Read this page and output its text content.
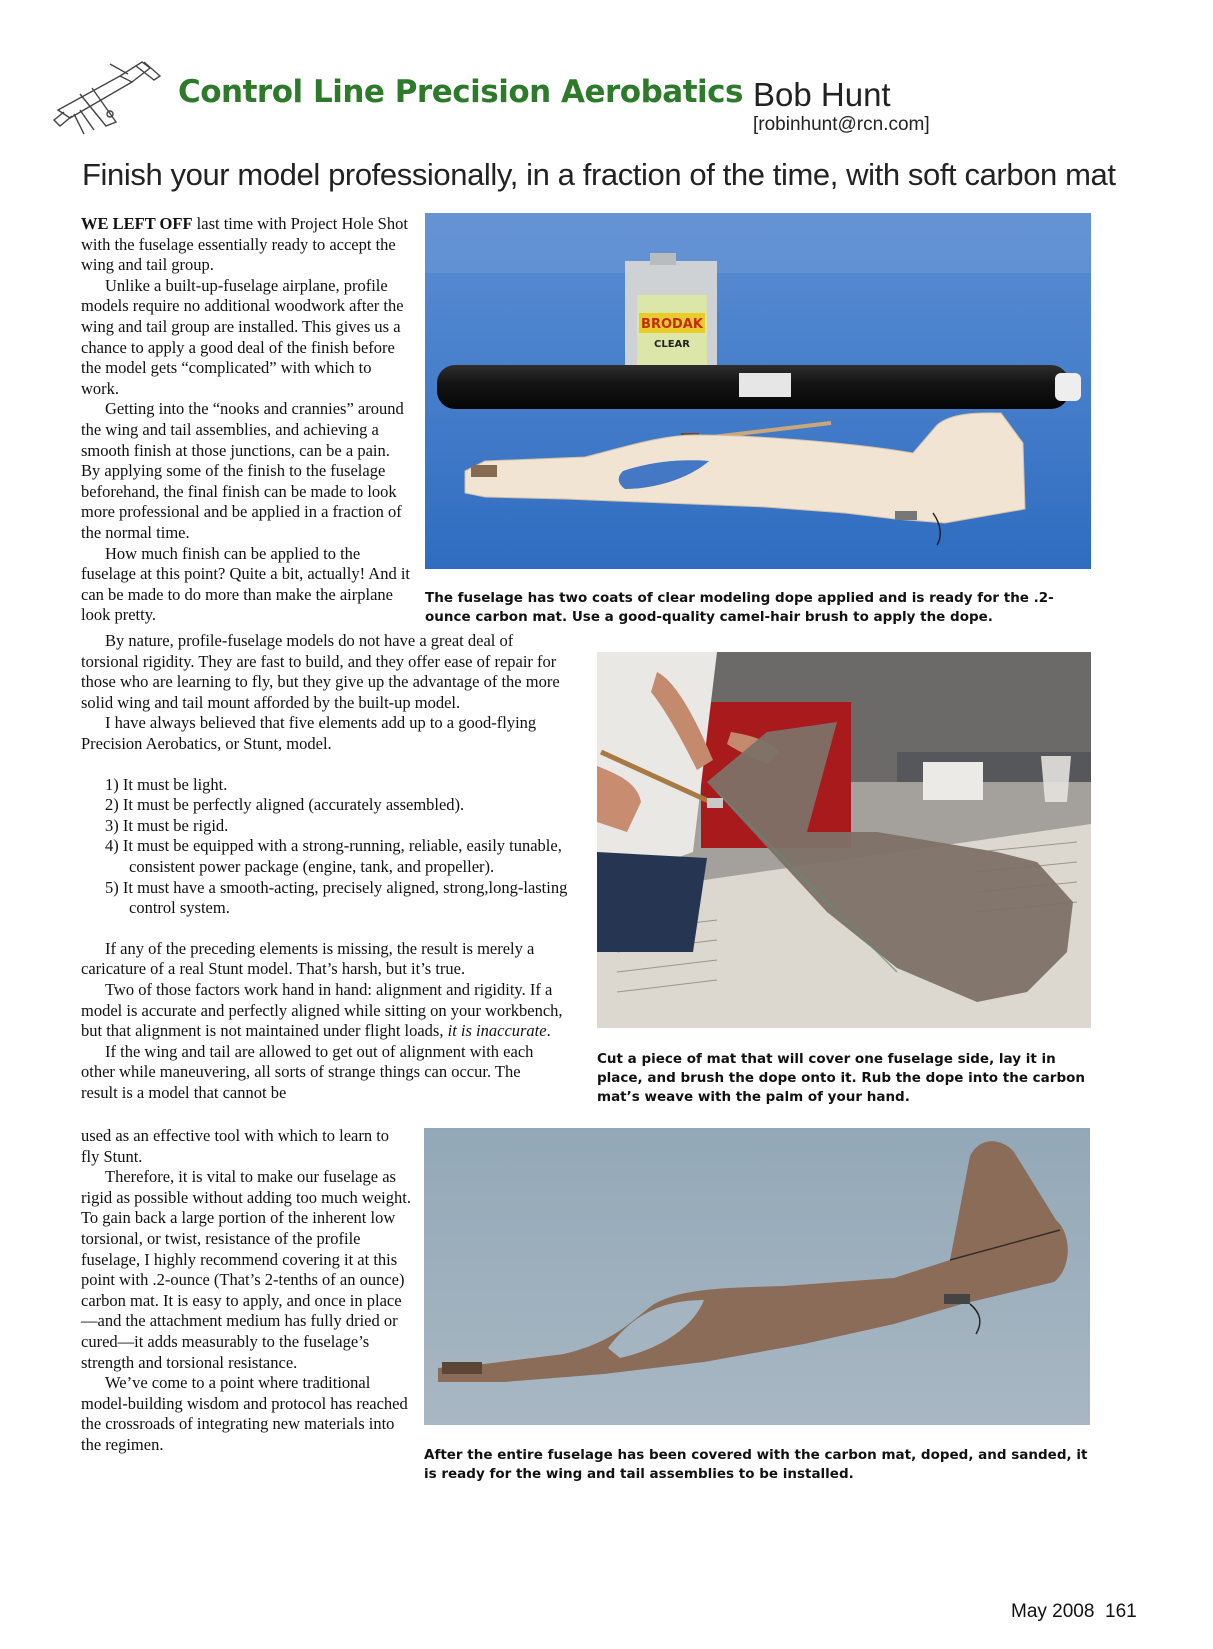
Control Line Precision Aerobatics Bob Hunt
[robinhunt@rcn.com]
Finish your model professionally, in a fraction of the time, with soft carbon mat
BRODAK
CLEAR
The fuselage has two coats of clear modeling dope applied and is ready for the .2-ounce carbon mat. Use a good-quality camel-hair brush to apply the dope.
Cut a piece of mat that will cover one fuselage side, lay it in place, and brush the dope onto it. Rub the dope into the carbon mat’s weave with the palm of your hand.
After the entire fuselage has been covered with the carbon mat, doped, and sanded, it is ready for the wing and tail assemblies to be installed.

WE LEFT OFF last time with Project Hole Shot with the fuselage essentially ready to accept the wing and tail group.

Unlike a built-up-fuselage airplane, profile models require no additional woodwork after the wing and tail group are installed. This gives us a chance to apply a good deal of the finish before the model gets “complicated” with which to work.

Getting into the “nooks and crannies” around the wing and tail assemblies, and achieving a smooth finish at those junctions, can be a pain. By applying some of the finish to the fuselage beforehand, the final finish can be made to look more professional and be applied in a fraction of the normal time.

How much finish can be applied to the fuselage at this point? Quite a bit, actually! And it can be made to do more than make the airplane look pretty.

By nature, profile-fuselage models do not have a great deal of torsional rigidity. They are fast to build, and they offer ease of repair for those who are learning to fly, but they give up the advantage of the more solid wing and tail mount afforded by the built-up model.

I have always believed that five elements add up to a good-flying Precision Aerobatics, or Stunt, model.

1) It must be light.
2) It must be perfectly aligned (accurately assembled).
3) It must be rigid.
4) It must be equipped with a strong-running, reliable, easily tunable, consistent power package (engine, tank, and propeller).
5) It must have a smooth-acting, precisely aligned, strong,long-lasting control system.

If any of the preceding elements is missing, the result is merely a caricature of a real Stunt model. That’s harsh, but it’s true.

Two of those factors work hand in hand: alignment and rigidity. If a model is accurate and perfectly aligned while sitting on your workbench, but that alignment is not maintained under flight loads, it is inaccurate.

If the wing and tail are allowed to get out of alignment with each other while maneuvering, all sorts of strange things can occur. The result is a model that cannot be

used as an effective tool with which to learn to fly Stunt.

Therefore, it is vital to make our fuselage as rigid as possible without adding too much weight. To gain back a large portion of the inherent low torsional, or twist, resistance of the profile fuselage, I highly recommend covering it at this point with .2-ounce (That’s 2-tenths of an ounce) carbon mat. It is easy to apply, and once in place—and the attachment medium has fully dried or cured—it adds measurably to the fuselage’s strength and torsional resistance.

We’ve come to a point where traditional model-building wisdom and protocol has reached the crossroads of integrating new materials into the regimen.

May 2008 161
